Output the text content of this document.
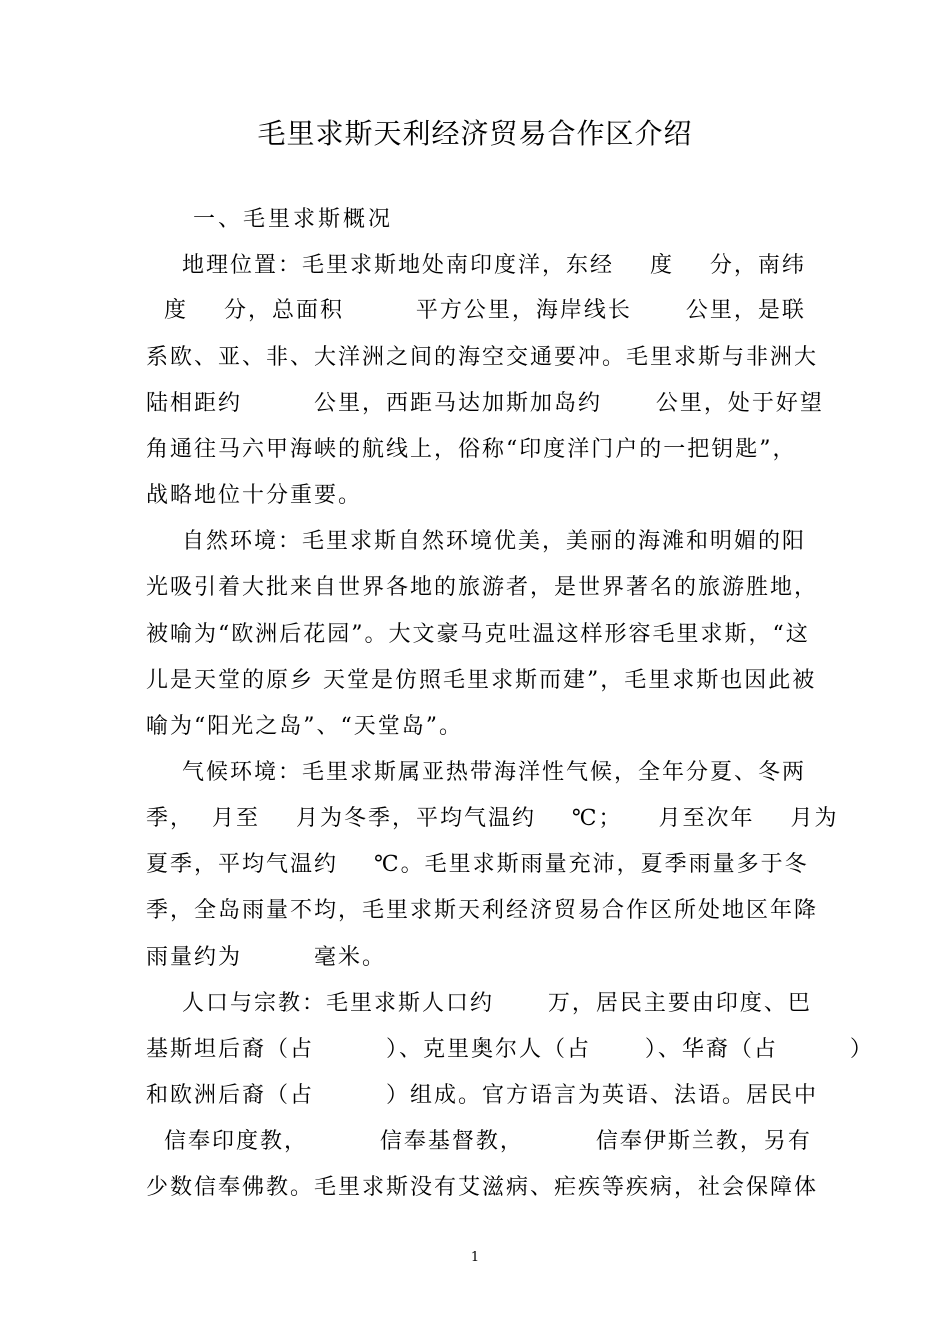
毛里求斯天利经济贸易合作区介绍
一、毛里求斯概况
地理位置：毛里求斯地处南印度洋，东经    度    分，南纬
度    分，总面积        平方公里，海岸线长      公里，是联
系欧、亚、非、大洋洲之间的海空交通要冲。毛里求斯与非洲大
陆相距约        公里，西距马达加斯加岛约      公里，处于好望
角通往马六甲海峡的航线上，俗称“印度洋门户的一把钥匙”，
战略地位十分重要。
自然环境：毛里求斯自然环境优美，美丽的海滩和明媚的阳
光吸引着大批来自世界各地的旅游者，是世界著名的旅游胜地，
被喻为“欧洲后花园”。大文豪马克吐温这样形容毛里求斯，“这
儿是天堂的原乡 天堂是仿照毛里求斯而建”，毛里求斯也因此被
喻为“阳光之岛”、“天堂岛”。
气候环境：毛里求斯属亚热带海洋性气候，全年分夏、冬两
季，  月至    月为冬季，平均气温约    ℃；    月至次年    月为
夏季，平均气温约    ℃。毛里求斯雨量充沛，夏季雨量多于冬
季，全岛雨量不均，毛里求斯天利经济贸易合作区所处地区年降
雨量约为        毫米。
人口与宗教：毛里求斯人口约      万，居民主要由印度、巴
基斯坦后裔（占        ）、克里奥尔人（占      ）、华裔（占        ）
和欧洲后裔（占        ）组成。官方语言为英语、法语。居民中
信奉印度教，        信奉基督教，        信奉伊斯兰教，另有
少数信奉佛教。毛里求斯没有艾滋病、疟疾等疾病，社会保障体
1
